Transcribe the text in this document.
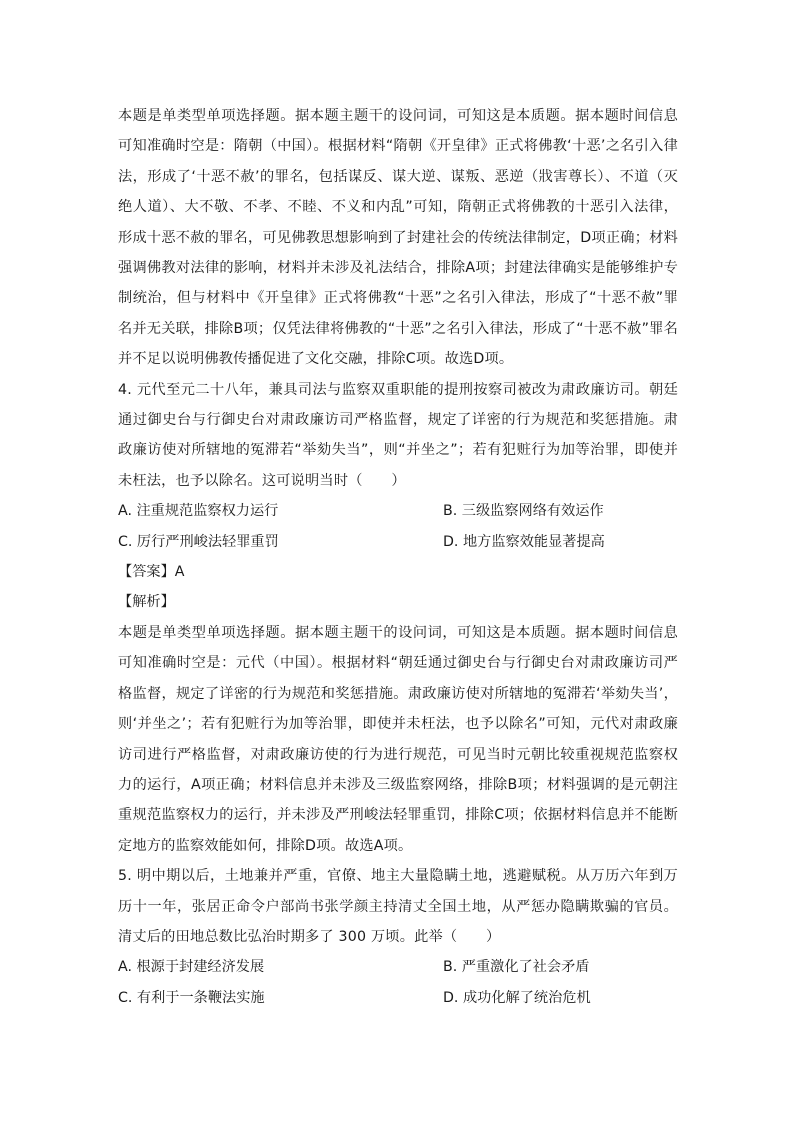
本题是单类型单项选择题。据本题主题干的设问词，可知这是本质题。据本题时间信息可知准确时空是：隋朝（中国）。根据材料“隋朝《开皇律》正式将佛教‘十恶’之名引入律法，形成了‘十恶不赦’的罪名，包括谋反、谋大逆、谋叛、恶逆（戕害尊长）、不道（灭绝人道）、大不敬、不孝、不睦、不义和内乱”可知，隋朝正式将佛教的十恶引入法律，形成十恶不赦的罪名，可见佛教思想影响到了封建社会的传统法律制定，D项正确；材料强调佛教对法律的影响，材料并未涉及礼法结合，排除A项；封建法律确实是能够维护专制统治，但与材料中《开皇律》正式将佛教“十恶”之名引入律法，形成了“十恶不赦”罪名并无关联，排除B项；仅凭法律将佛教的“十恶”之名引入律法，形成了“十恶不赦”罪名并不足以说明佛教传播促进了文化交融，排除C项。故选D项。

4. 元代至元二十八年，兼具司法与监察双重职能的提刑按察司被改为肃政廉访司。朝廷通过御史台与行御史台对肃政廉访司严格监督，规定了详密的行为规范和奖惩措施。肃政廉访使对所辖地的冤滞若“举劾失当”，则“并坐之”；若有犯赃行为加等治罪，即使并未枉法，也予以除名。这可说明当时（　　）

A. 注重规范监察权力运行	B. 三级监察网络有效运作
C. 厉行严刑峻法轻罪重罚	D. 地方监察效能显著提高

【答案】A

【解析】

本题是单类型单项选择题。据本题主题干的设问词，可知这是本质题。据本题时间信息可知准确时空是：元代（中国）。根据材料“朝廷通过御史台与行御史台对肃政廉访司严格监督，规定了详密的行为规范和奖惩措施。肃政廉访使对所辖地的冤滞若‘举劾失当’，则‘并坐之’；若有犯赃行为加等治罪，即使并未枉法，也予以除名”可知，元代对肃政廉访司进行严格监督，对肃政廉访使的行为进行规范，可见当时元朝比较重视规范监察权力的运行，A项正确；材料信息并未涉及三级监察网络，排除B项；材料强调的是元朝注重规范监察权力的运行，并未涉及严刑峻法轻罪重罚，排除C项；依据材料信息并不能断定地方的监察效能如何，排除D项。故选A项。

5. 明中期以后，土地兼并严重，官僚、地主大量隐瞒土地，逃避赋税。从万历六年到万历十一年，张居正命令户部尚书张学颜主持清丈全国土地，从严惩办隐瞒欺骗的官员。清丈后的田地总数比弘治时期多了 300 万顷。此举（　　）

A. 根源于封建经济发展	B. 严重激化了社会矛盾
C. 有利于一条鞭法实施	D. 成功化解了统治危机
